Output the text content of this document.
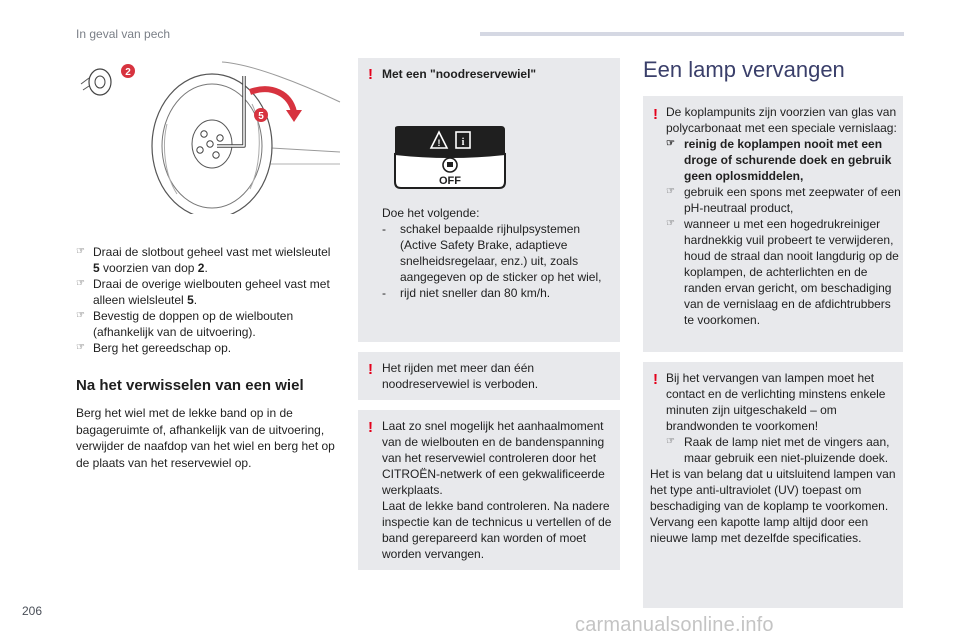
In geval van pech
2
5
☞ Draai de slotbout geheel vast met wielsleutel 5 voorzien van dop 2.
☞ Draai de overige wielbouten geheel vast met alleen wielsleutel 5.
☞ Bevestig de doppen op de wielbouten (afhankelijk van de uitvoering).
☞ Berg het gereedschap op.
Na het verwisselen van een wiel
Berg het wiel met de lekke band op in de bagageruimte of, afhankelijk van de uitvoering, verwijder de naafdop van het wiel en berg het op de plaats van het reservewiel op.
! Met een "noodreservewiel"
! i
OFF
Doe het volgende:
- schakel bepaalde rijhulpsystemen (Active Safety Brake, adaptieve snelheidsregelaar, enz.) uit, zoals aangegeven op de sticker op het wiel,
- rijd niet sneller dan 80 km/h.
! Het rijden met meer dan één noodreservewiel is verboden.
! Laat zo snel mogelijk het aanhaalmoment van de wielbouten en de bandenspanning van het reservewiel controleren door het CITROËN-netwerk of een gekwalificeerde werkplaats.
Laat de lekke band controleren. Na nadere inspectie kan de technicus u vertellen of de band gerepareerd kan worden of moet worden vervangen.
Een lamp vervangen
! De koplampunits zijn voorzien van glas van polycarbonaat met een speciale vernislaag:
☞ reinig de koplampen nooit met een droge of schurende doek en gebruik geen oplosmiddelen,
☞ gebruik een spons met zeepwater of een pH-neutraal product,
☞ wanneer u met een hogedrukreiniger hardnekkig vuil probeert te verwijderen, houd de straal dan nooit langdurig op de koplampen, de achterlichten en de randen ervan gericht, om beschadiging van de vernislaag en de afdichtrubbers te voorkomen.
! Bij het vervangen van lampen moet het contact en de verlichting minstens enkele minuten zijn uitgeschakeld – om brandwonden te voorkomen!
☞ Raak de lamp niet met de vingers aan, maar gebruik een niet-pluizende doek.
Het is van belang dat u uitsluitend lampen van het type anti-ultraviolet (UV) toepast om beschadiging van de koplamp te voorkomen.
Vervang een kapotte lamp altijd door een nieuwe lamp met dezelfde specificaties.
206
carmanualsonline.info
